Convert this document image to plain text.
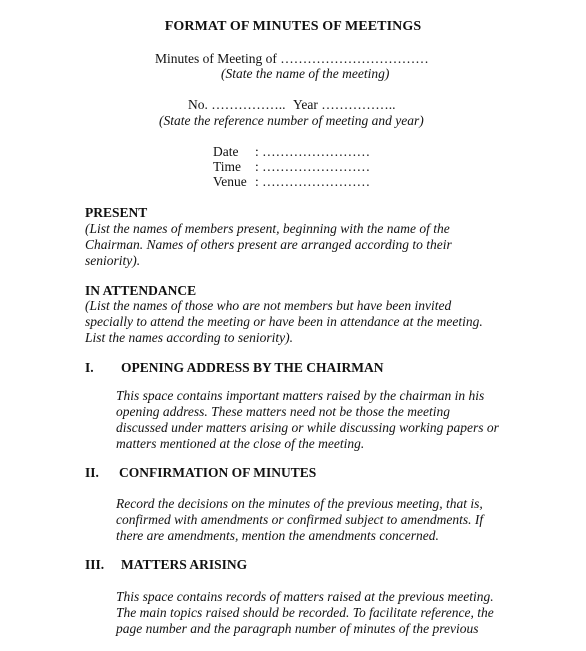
FORMAT OF MINUTES OF MEETINGS
Minutes of Meeting of ……………………………
(State the name of the meeting)
No. …………….. Year ……………..
(State the reference number of meeting and year)
Date	: ……………………
Time	: ……………………
Venue : ……………………
PRESENT
(List the names of members present, beginning with the name of the
Chairman. Names of others present are arranged according to their
seniority).
IN ATTENDANCE
(List the names of those who are not members but have been invited
specially to attend the meeting or have been in attendance at the meeting.
List the names according to seniority).
I. OPENING ADDRESS BY THE CHAIRMAN
This space contains important matters raised by the chairman in his
opening address. These matters need not be those the meeting
discussed under matters arising or while discussing working papers or
matters mentioned at the close of the meeting.
II. CONFIRMATION OF MINUTES
Record the decisions on the minutes of the previous meeting, that is,
confirmed with amendments or confirmed subject to amendments. If
there are amendments, mention the amendments concerned.
III. MATTERS ARISING
This space contains records of matters raised at the previous meeting.
The main topics raised should be recorded. To facilitate reference, the
page number and the paragraph number of minutes of the previous
